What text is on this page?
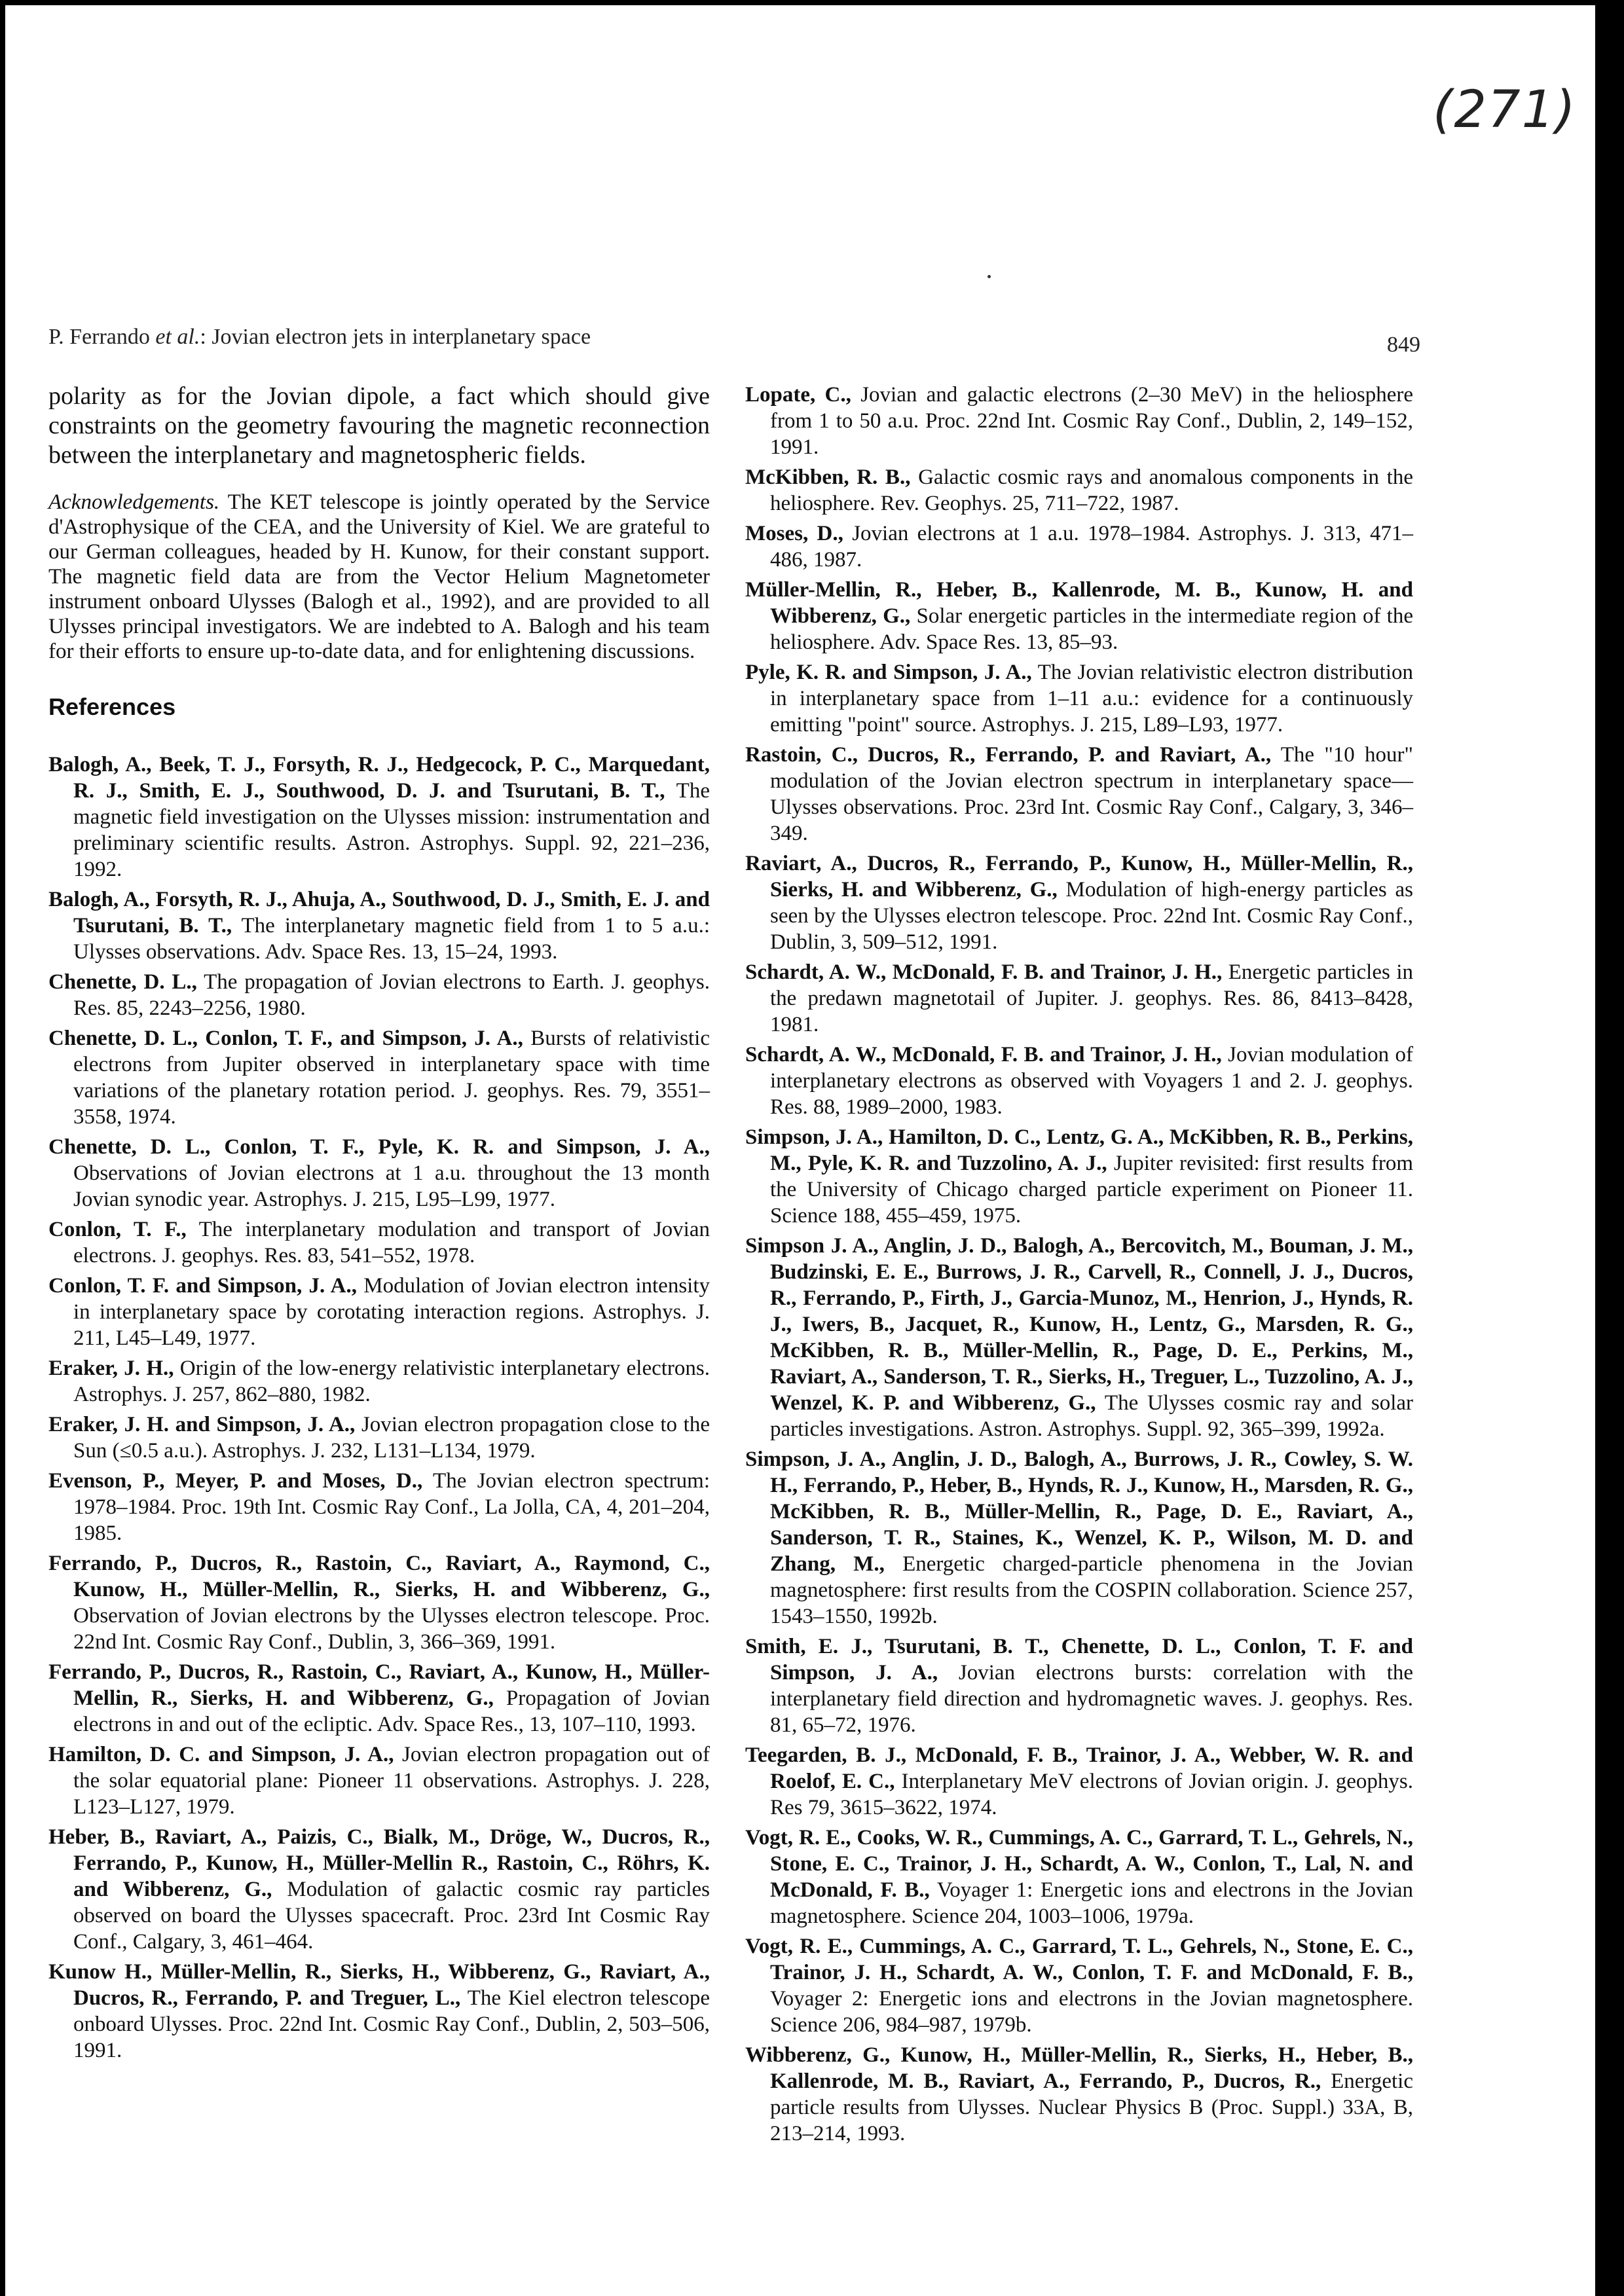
(271)
P. Ferrando et al.: Jovian electron jets in interplanetary space	849

polarity as for the Jovian dipole, a fact which should give constraints on the geometry favouring the magnetic reconnection between the interplanetary and magnetospheric fields.

Acknowledgements. The KET telescope is jointly operated by the Service d'Astrophysique of the CEA, and the University of Kiel. We are grateful to our German colleagues, headed by H. Kunow, for their constant support. The magnetic field data are from the Vector Helium Magnetometer instrument onboard Ulysses (Balogh et al., 1992), and are provided to all Ulysses principal investigators. We are indebted to A. Balogh and his team for their efforts to ensure up-to-date data, and for enlightening discussions.

References

Balogh, A., Beek, T. J., Forsyth, R. J., Hedgecock, P. C., Marquedant, R. J., Smith, E. J., Southwood, D. J. and Tsurutani, B. T., The magnetic field investigation on the Ulysses mission: instrumentation and preliminary scientific results. Astron. Astrophys. Suppl. 92, 221–236, 1992.

Balogh, A., Forsyth, R. J., Ahuja, A., Southwood, D. J., Smith, E. J. and Tsurutani, B. T., The interplanetary magnetic field from 1 to 5 a.u.: Ulysses observations. Adv. Space Res. 13, 15–24, 1993.

Chenette, D. L., The propagation of Jovian electrons to Earth. J. geophys. Res. 85, 2243–2256, 1980.

Chenette, D. L., Conlon, T. F., and Simpson, J. A., Bursts of relativistic electrons from Jupiter observed in interplanetary space with time variations of the planetary rotation period. J. geophys. Res. 79, 3551–3558, 1974.

Chenette, D. L., Conlon, T. F., Pyle, K. R. and Simpson, J. A., Observations of Jovian electrons at 1 a.u. throughout the 13 month Jovian synodic year. Astrophys. J. 215, L95–L99, 1977.

Conlon, T. F., The interplanetary modulation and transport of Jovian electrons. J. geophys. Res. 83, 541–552, 1978.

Conlon, T. F. and Simpson, J. A., Modulation of Jovian electron intensity in interplanetary space by corotating interaction regions. Astrophys. J. 211, L45–L49, 1977.

Eraker, J. H., Origin of the low-energy relativistic interplanetary electrons. Astrophys. J. 257, 862–880, 1982.

Eraker, J. H. and Simpson, J. A., Jovian electron propagation close to the Sun (≤0.5 a.u.). Astrophys. J. 232, L131–L134, 1979.

Evenson, P., Meyer, P. and Moses, D., The Jovian electron spectrum: 1978–1984. Proc. 19th Int. Cosmic Ray Conf., La Jolla, CA, 4, 201–204, 1985.

Ferrando, P., Ducros, R., Rastoin, C., Raviart, A., Raymond, C., Kunow, H., Müller-Mellin, R., Sierks, H. and Wibberenz, G., Observation of Jovian electrons by the Ulysses electron telescope. Proc. 22nd Int. Cosmic Ray Conf., Dublin, 3, 366–369, 1991.

Ferrando, P., Ducros, R., Rastoin, C., Raviart, A., Kunow, H., Müller-Mellin, R., Sierks, H. and Wibberenz, G., Propagation of Jovian electrons in and out of the ecliptic. Adv. Space Res., 13, 107–110, 1993.

Hamilton, D. C. and Simpson, J. A., Jovian electron propagation out of the solar equatorial plane: Pioneer 11 observations. Astrophys. J. 228, L123–L127, 1979.

Heber, B., Raviart, A., Paizis, C., Bialk, M., Dröge, W., Ducros, R., Ferrando, P., Kunow, H., Müller-Mellin R., Rastoin, C., Röhrs, K. and Wibberenz, G., Modulation of galactic cosmic ray particles observed on board the Ulysses spacecraft. Proc. 23rd Int Cosmic Ray Conf., Calgary, 3, 461–464.

Kunow H., Müller-Mellin, R., Sierks, H., Wibberenz, G., Raviart, A., Ducros, R., Ferrando, P. and Treguer, L., The Kiel electron telescope onboard Ulysses. Proc. 22nd Int. Cosmic Ray Conf., Dublin, 2, 503–506, 1991.

Lopate, C., Jovian and galactic electrons (2–30 MeV) in the heliosphere from 1 to 50 a.u. Proc. 22nd Int. Cosmic Ray Conf., Dublin, 2, 149–152, 1991.

McKibben, R. B., Galactic cosmic rays and anomalous components in the heliosphere. Rev. Geophys. 25, 711–722, 1987.

Moses, D., Jovian electrons at 1 a.u. 1978–1984. Astrophys. J. 313, 471–486, 1987.

Müller-Mellin, R., Heber, B., Kallenrode, M. B., Kunow, H. and Wibberenz, G., Solar energetic particles in the intermediate region of the heliosphere. Adv. Space Res. 13, 85–93.

Pyle, K. R. and Simpson, J. A., The Jovian relativistic electron distribution in interplanetary space from 1–11 a.u.: evidence for a continuously emitting "point" source. Astrophys. J. 215, L89–L93, 1977.

Rastoin, C., Ducros, R., Ferrando, P. and Raviart, A., The "10 hour" modulation of the Jovian electron spectrum in interplanetary space—Ulysses observations. Proc. 23rd Int. Cosmic Ray Conf., Calgary, 3, 346–349.

Raviart, A., Ducros, R., Ferrando, P., Kunow, H., Müller-Mellin, R., Sierks, H. and Wibberenz, G., Modulation of high-energy particles as seen by the Ulysses electron telescope. Proc. 22nd Int. Cosmic Ray Conf., Dublin, 3, 509–512, 1991.

Schardt, A. W., McDonald, F. B. and Trainor, J. H., Energetic particles in the predawn magnetotail of Jupiter. J. geophys. Res. 86, 8413–8428, 1981.

Schardt, A. W., McDonald, F. B. and Trainor, J. H., Jovian modulation of interplanetary electrons as observed with Voyagers 1 and 2. J. geophys. Res. 88, 1989–2000, 1983.

Simpson, J. A., Hamilton, D. C., Lentz, G. A., McKibben, R. B., Perkins, M., Pyle, K. R. and Tuzzolino, A. J., Jupiter revisited: first results from the University of Chicago charged particle experiment on Pioneer 11. Science 188, 455–459, 1975.

Simpson J. A., Anglin, J. D., Balogh, A., Bercovitch, M., Bouman, J. M., Budzinski, E. E., Burrows, J. R., Carvell, R., Connell, J. J., Ducros, R., Ferrando, P., Firth, J., Garcia-Munoz, M., Henrion, J., Hynds, R. J., Iwers, B., Jacquet, R., Kunow, H., Lentz, G., Marsden, R. G., McKibben, R. B., Müller-Mellin, R., Page, D. E., Perkins, M., Raviart, A., Sanderson, T. R., Sierks, H., Treguer, L., Tuzzolino, A. J., Wenzel, K. P. and Wibberenz, G., The Ulysses cosmic ray and solar particles investigations. Astron. Astrophys. Suppl. 92, 365–399, 1992a.

Simpson, J. A., Anglin, J. D., Balogh, A., Burrows, J. R., Cowley, S. W. H., Ferrando, P., Heber, B., Hynds, R. J., Kunow, H., Marsden, R. G., McKibben, R. B., Müller-Mellin, R., Page, D. E., Raviart, A., Sanderson, T. R., Staines, K., Wenzel, K. P., Wilson, M. D. and Zhang, M., Energetic charged-particle phenomena in the Jovian magnetosphere: first results from the COSPIN collaboration. Science 257, 1543–1550, 1992b.

Smith, E. J., Tsurutani, B. T., Chenette, D. L., Conlon, T. F. and Simpson, J. A., Jovian electrons bursts: correlation with the interplanetary field direction and hydromagnetic waves. J. geophys. Res. 81, 65–72, 1976.

Teegarden, B. J., McDonald, F. B., Trainor, J. A., Webber, W. R. and Roelof, E. C., Interplanetary MeV electrons of Jovian origin. J. geophys. Res 79, 3615–3622, 1974.

Vogt, R. E., Cooks, W. R., Cummings, A. C., Garrard, T. L., Gehrels, N., Stone, E. C., Trainor, J. H., Schardt, A. W., Conlon, T., Lal, N. and McDonald, F. B., Voyager 1: Energetic ions and electrons in the Jovian magnetosphere. Science 204, 1003–1006, 1979a.

Vogt, R. E., Cummings, A. C., Garrard, T. L., Gehrels, N., Stone, E. C., Trainor, J. H., Schardt, A. W., Conlon, T. F. and McDonald, F. B., Voyager 2: Energetic ions and electrons in the Jovian magnetosphere. Science 206, 984–987, 1979b.

Wibberenz, G., Kunow, H., Müller-Mellin, R., Sierks, H., Heber, B., Kallenrode, M. B., Raviart, A., Ferrando, P., Ducros, R., Energetic particle results from Ulysses. Nuclear Physics B (Proc. Suppl.) 33A, B, 213–214, 1993.
